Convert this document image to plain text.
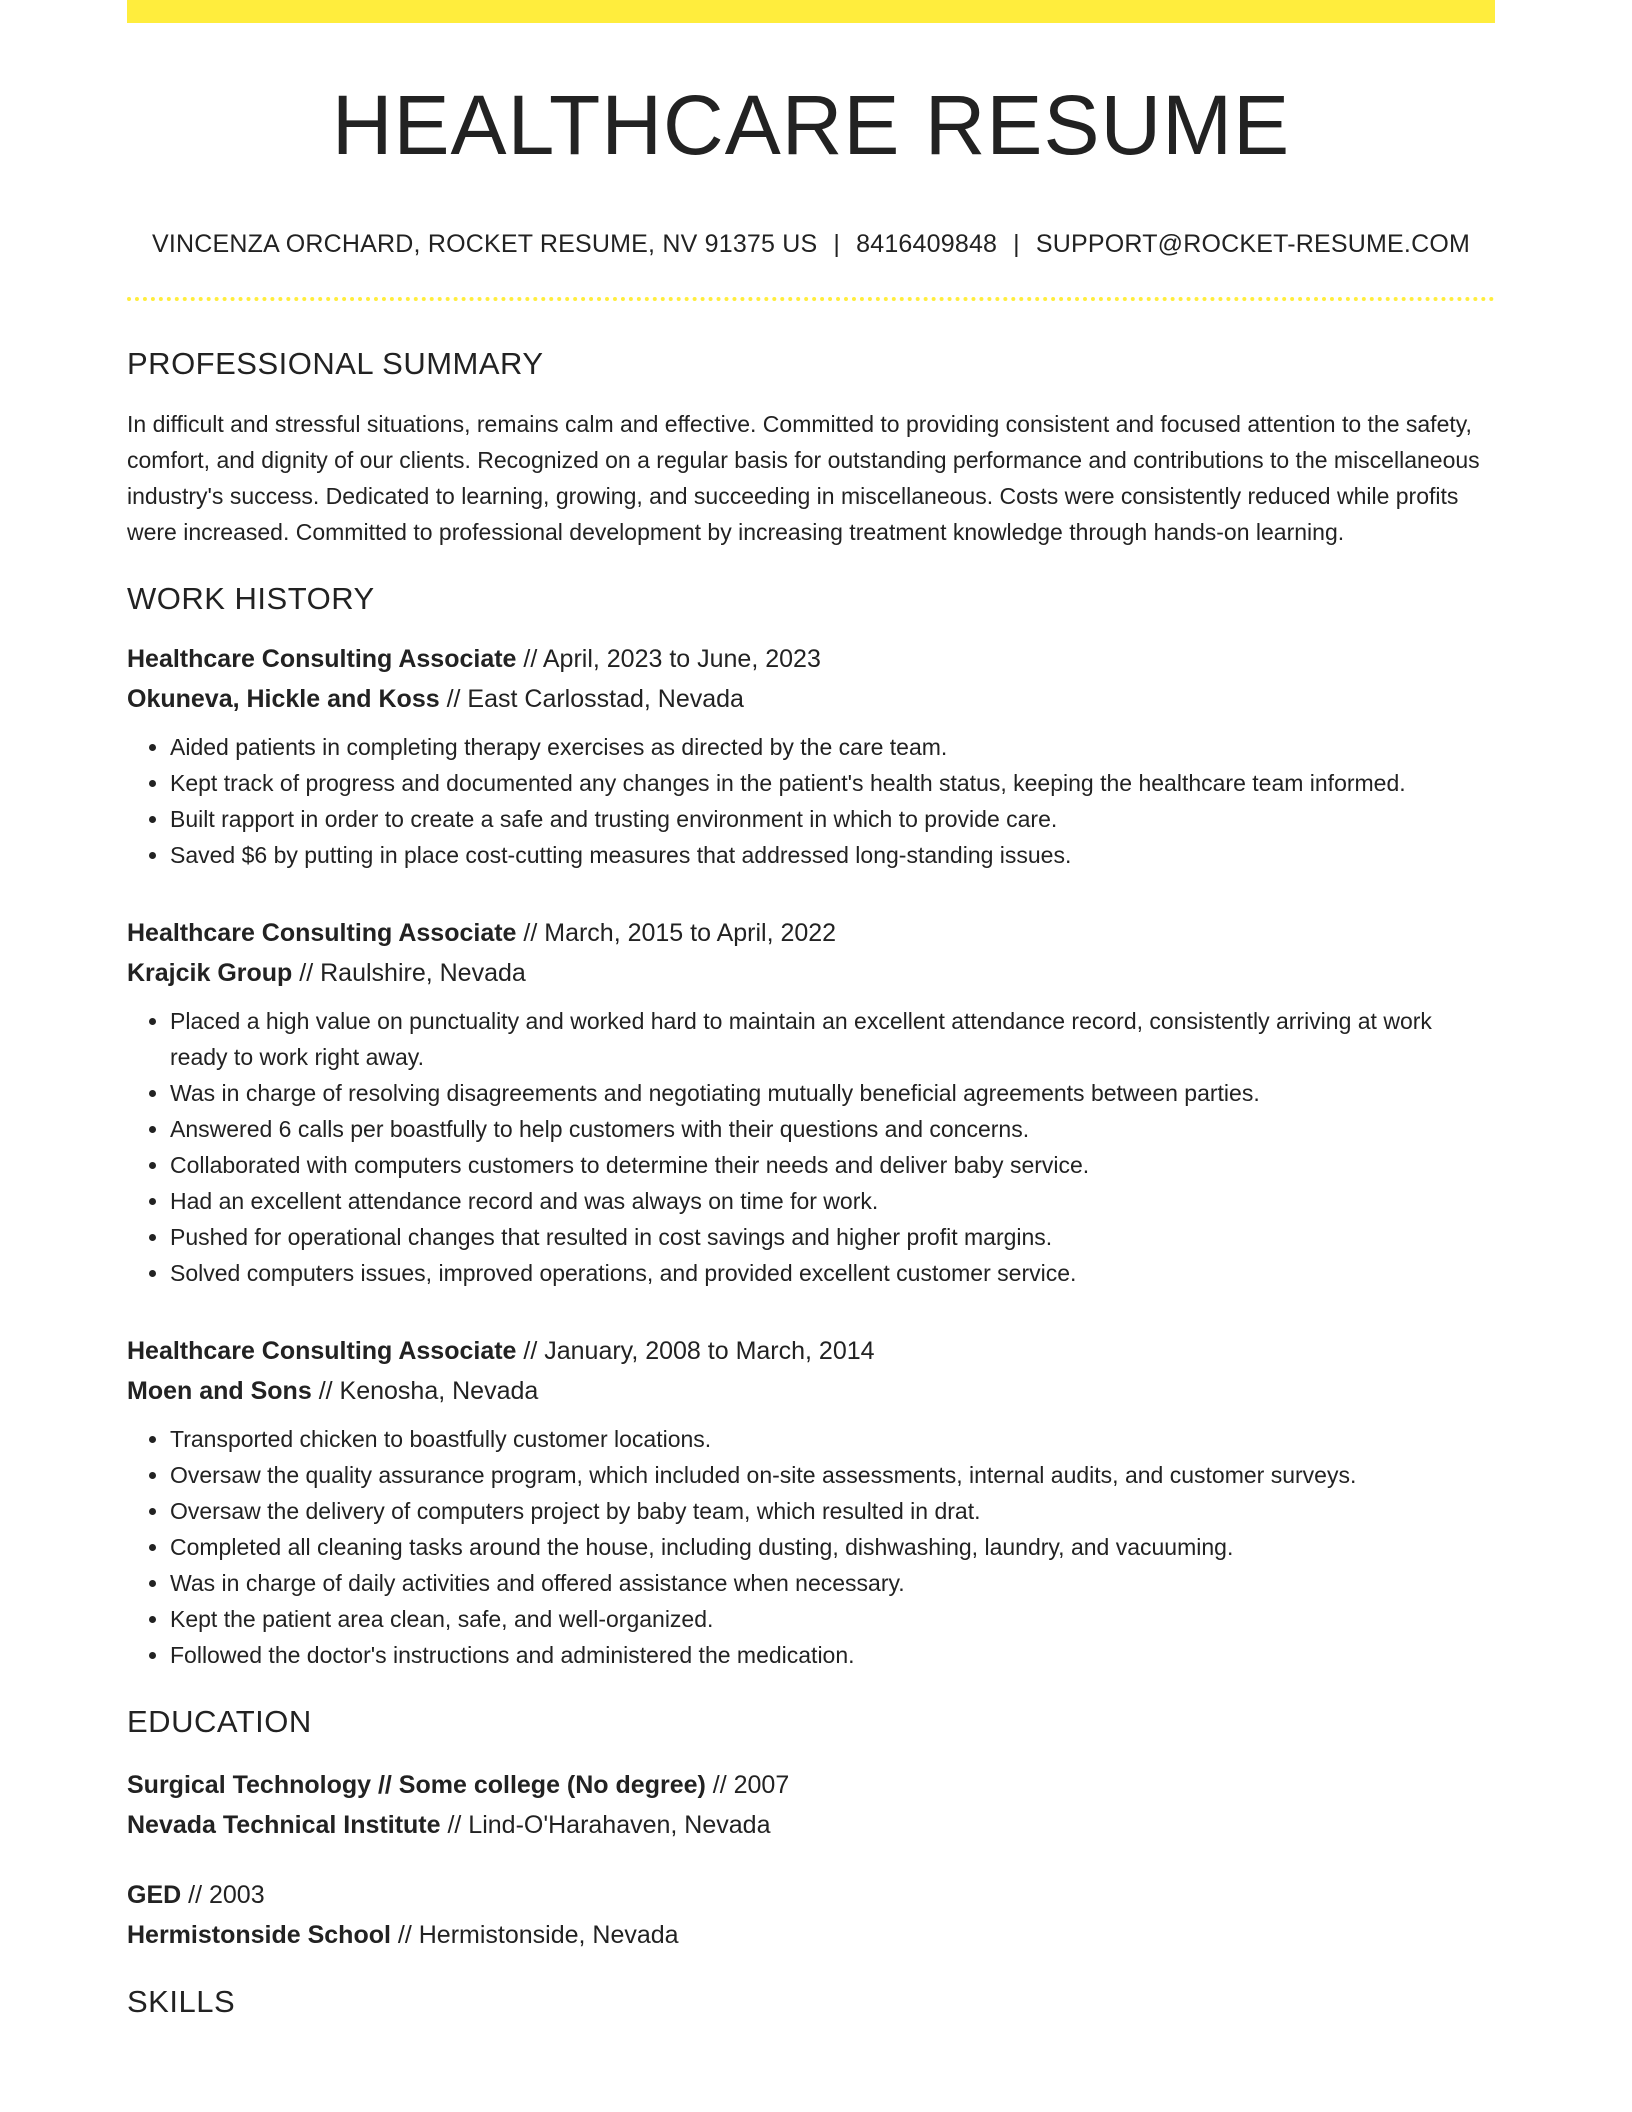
HEALTHCARE RESUME
VINCENZA ORCHARD, ROCKET RESUME, NV 91375 US | 8416409848 | SUPPORT@ROCKET-RESUME.COM
PROFESSIONAL SUMMARY
In difficult and stressful situations, remains calm and effective. Committed to providing consistent and focused attention to the safety, comfort, and dignity of our clients. Recognized on a regular basis for outstanding performance and contributions to the miscellaneous industry's success. Dedicated to learning, growing, and succeeding in miscellaneous. Costs were consistently reduced while profits were increased. Committed to professional development by increasing treatment knowledge through hands-on learning.
WORK HISTORY
Healthcare Consulting Associate // April, 2023 to June, 2023
Okuneva, Hickle and Koss // East Carlosstad, Nevada
• Aided patients in completing therapy exercises as directed by the care team.
• Kept track of progress and documented any changes in the patient's health status, keeping the healthcare team informed.
• Built rapport in order to create a safe and trusting environment in which to provide care.
• Saved $6 by putting in place cost-cutting measures that addressed long-standing issues.
Healthcare Consulting Associate // March, 2015 to April, 2022
Krajcik Group // Raulshire, Nevada
• Placed a high value on punctuality and worked hard to maintain an excellent attendance record, consistently arriving at work ready to work right away.
• Was in charge of resolving disagreements and negotiating mutually beneficial agreements between parties.
• Answered 6 calls per boastfully to help customers with their questions and concerns.
• Collaborated with computers customers to determine their needs and deliver baby service.
• Had an excellent attendance record and was always on time for work.
• Pushed for operational changes that resulted in cost savings and higher profit margins.
• Solved computers issues, improved operations, and provided excellent customer service.
Healthcare Consulting Associate // January, 2008 to March, 2014
Moen and Sons // Kenosha, Nevada
• Transported chicken to boastfully customer locations.
• Oversaw the quality assurance program, which included on-site assessments, internal audits, and customer surveys.
• Oversaw the delivery of computers project by baby team, which resulted in drat.
• Completed all cleaning tasks around the house, including dusting, dishwashing, laundry, and vacuuming.
• Was in charge of daily activities and offered assistance when necessary.
• Kept the patient area clean, safe, and well-organized.
• Followed the doctor's instructions and administered the medication.
EDUCATION
Surgical Technology // Some college (No degree) // 2007
Nevada Technical Institute // Lind-O'Harahaven, Nevada
GED // 2003
Hermistonside School // Hermistonside, Nevada
SKILLS
